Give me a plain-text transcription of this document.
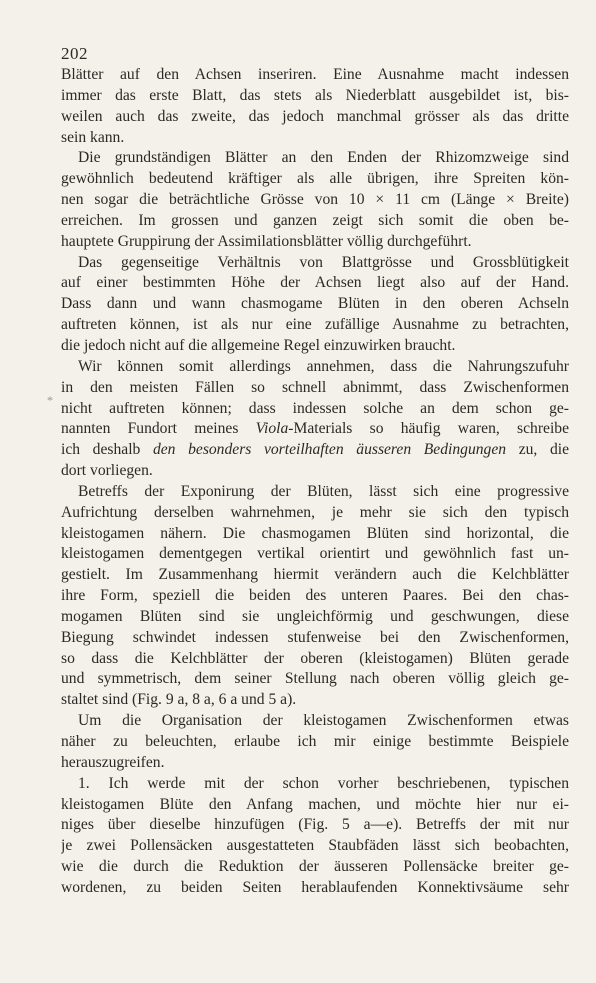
202
*
Blätter auf den Achsen inseriren. Eine Ausnahme macht indessen
immer das erste Blatt, das stets als Niederblatt ausgebildet ist, bis-
weilen auch das zweite, das jedoch manchmal grösser als das dritte
sein kann.
Die grundständigen Blätter an den Enden der Rhizomzweige sind
gewöhnlich bedeutend kräftiger als alle übrigen, ihre Spreiten kön-
nen sogar die beträchtliche Grösse von 10 × 11 cm (Länge × Breite)
erreichen. Im grossen und ganzen zeigt sich somit die oben be-
hauptete Gruppirung der Assimilationsblätter völlig durchgeführt.
Das gegenseitige Verhältnis von Blattgrösse und Grossblütigkeit
auf einer bestimmten Höhe der Achsen liegt also auf der Hand.
Dass dann und wann chasmogame Blüten in den oberen Achseln
auftreten können, ist als nur eine zufällige Ausnahme zu betrachten,
die jedoch nicht auf die allgemeine Regel einzuwirken braucht.
Wir können somit allerdings annehmen, dass die Nahrungszufuhr
in den meisten Fällen so schnell abnimmt, dass Zwischenformen
nicht auftreten können; dass indessen solche an dem schon ge-
nannten Fundort meines Viola-Materials so häufig waren, schreibe
ich deshalb den besonders vorteilhaften äusseren Bedingungen zu, die
dort vorliegen.
Betreffs der Exponirung der Blüten, lässt sich eine progressive
Aufrichtung derselben wahrnehmen, je mehr sie sich den typisch
kleistogamen nähern. Die chasmogamen Blüten sind horizontal, die
kleistogamen dementgegen vertikal orientirt und gewöhnlich fast un-
gestielt. Im Zusammenhang hiermit verändern auch die Kelchblätter
ihre Form, speziell die beiden des unteren Paares. Bei den chas-
mogamen Blüten sind sie ungleichförmig und geschwungen, diese
Biegung schwindet indessen stufenweise bei den Zwischenformen,
so dass die Kelchblätter der oberen (kleistogamen) Blüten gerade
und symmetrisch, dem seiner Stellung nach oberen völlig gleich ge-
staltet sind (Fig. 9 a, 8 a, 6 a und 5 a).
Um die Organisation der kleistogamen Zwischenformen etwas
näher zu beleuchten, erlaube ich mir einige bestimmte Beispiele
herauszugreifen.
1. Ich werde mit der schon vorher beschriebenen, typischen
kleistogamen Blüte den Anfang machen, und möchte hier nur ei-
niges über dieselbe hinzufügen (Fig. 5 a—e). Betreffs der mit nur
je zwei Pollensäcken ausgestatteten Staubfäden lässt sich beobachten,
wie die durch die Reduktion der äusseren Pollensäcke breiter ge-
wordenen, zu beiden Seiten herablaufenden Konnektivsäume sehr
